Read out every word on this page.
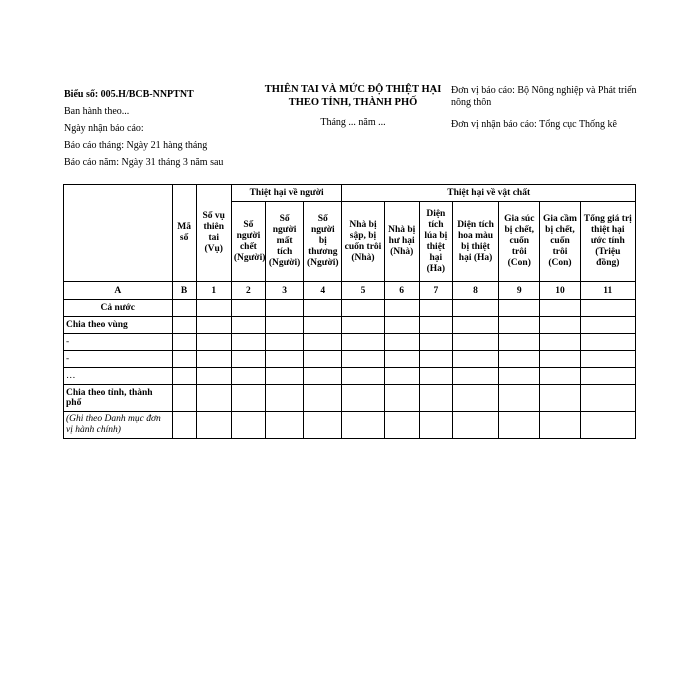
Biểu số: 005.H/BCB-NNPTNT
Ban hành theo...
Ngày nhận báo cáo:
Báo cáo tháng: Ngày 21 hàng tháng
Báo cáo năm: Ngày 31 tháng 3 năm sau
THIÊN TAI VÀ MỨC ĐỘ THIỆT HẠI THEO TỈNH, THÀNH PHỐ
Tháng ... năm ...
Đơn vị báo cáo: Bộ Nông nghiệp và Phát triển nông thôn
Đơn vị nhận báo cáo: Tổng cục Thống kê
	Mã số	Số vụ thiên tai (Vụ)	Thiệt hại về người			Thiệt hại về vật chất						
			Số người chết (Người)	Số người mất tích (Người)	Số người bị thương (Người)	Nhà bị sập, bị cuốn trôi (Nhà)	Nhà bị hư hại (Nhà)	Diện tích lúa bị thiệt hại (Ha)	Diện tích hoa màu bị thiệt hại (Ha)	Gia súc bị chết, cuốn trôi (Con)	Gia cầm bị chết, cuốn trôi (Con)	Tổng giá trị thiệt hại ước tính (Triệu đồng)
A	B	1	2	3	4	5	6	7	8	9	10	11
Cả nước												
Chia theo vùng												
-												
-												
…												
Chia theo tỉnh, thành phố												
(Ghi theo Danh mục đơn vị hành chính)												
